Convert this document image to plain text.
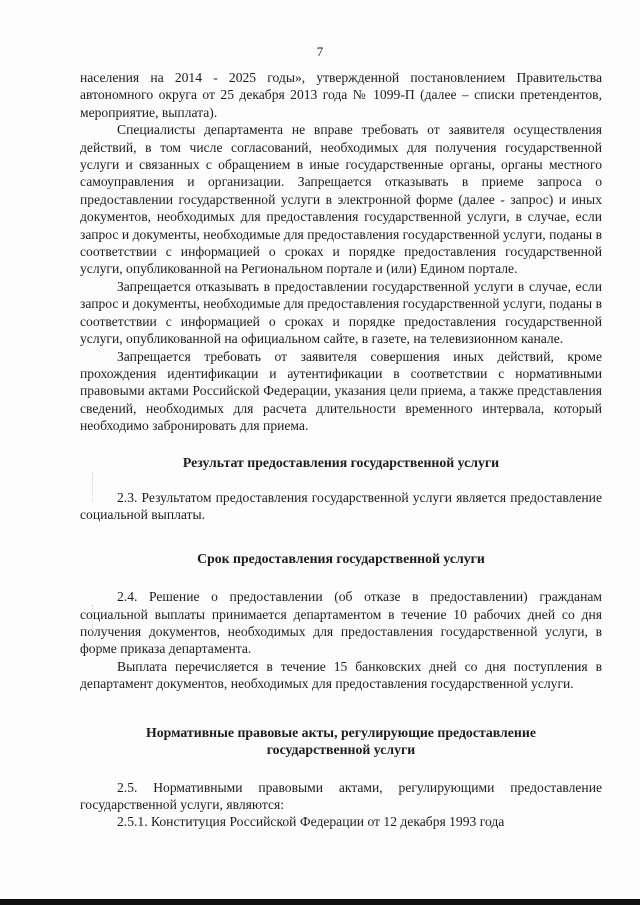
7

населения на 2014 - 2025 годы», утвержденной постановлением Правительства автономного округа от 25 декабря 2013 года № 1099-П (далее – списки претендентов, мероприятие, выплата).

Специалисты департамента не вправе требовать от заявителя осуществления действий, в том числе согласований, необходимых для получения государственной услуги и связанных с обращением в иные государственные органы, органы местного самоуправления и организации. Запрещается отказывать в приеме запроса о предоставлении государственной услуги в электронной форме (далее - запрос) и иных документов, необходимых для предоставления государственной услуги, в случае, если запрос и документы, необходимые для предоставления государственной услуги, поданы в соответствии с информацией о сроках и порядке предоставления государственной услуги, опубликованной на Региональном портале и (или) Едином портале.

Запрещается отказывать в предоставлении государственной услуги в случае, если запрос и документы, необходимые для предоставления государственной услуги, поданы в соответствии с информацией о сроках и порядке предоставления государственной услуги, опубликованной на официальном сайте, в газете, на телевизионном канале.

Запрещается требовать от заявителя совершения иных действий, кроме прохождения идентификации и аутентификации в соответствии с нормативными правовыми актами Российской Федерации, указания цели приема, а также представления сведений, необходимых для расчета длительности временного интервала, который необходимо забронировать для приема.

Результат предоставления государственной услуги

2.3. Результатом предоставления государственной услуги является предоставление социальной выплаты.

Срок предоставления государственной услуги

2.4. Решение о предоставлении (об отказе в предоставлении) гражданам социальной выплаты принимается департаментом в течение 10 рабочих дней со дня получения документов, необходимых для предоставления государственной услуги, в форме приказа департамента.

Выплата перечисляется в течение 15 банковских дней со дня поступления в департамент документов, необходимых для предоставления государственной услуги.

Нормативные правовые акты, регулирующие предоставление
государственной услуги

2.5. Нормативными правовыми актами, регулирующими предоставление государственной услуги, являются:

2.5.1. Конституция Российской Федерации от 12 декабря 1993 года
